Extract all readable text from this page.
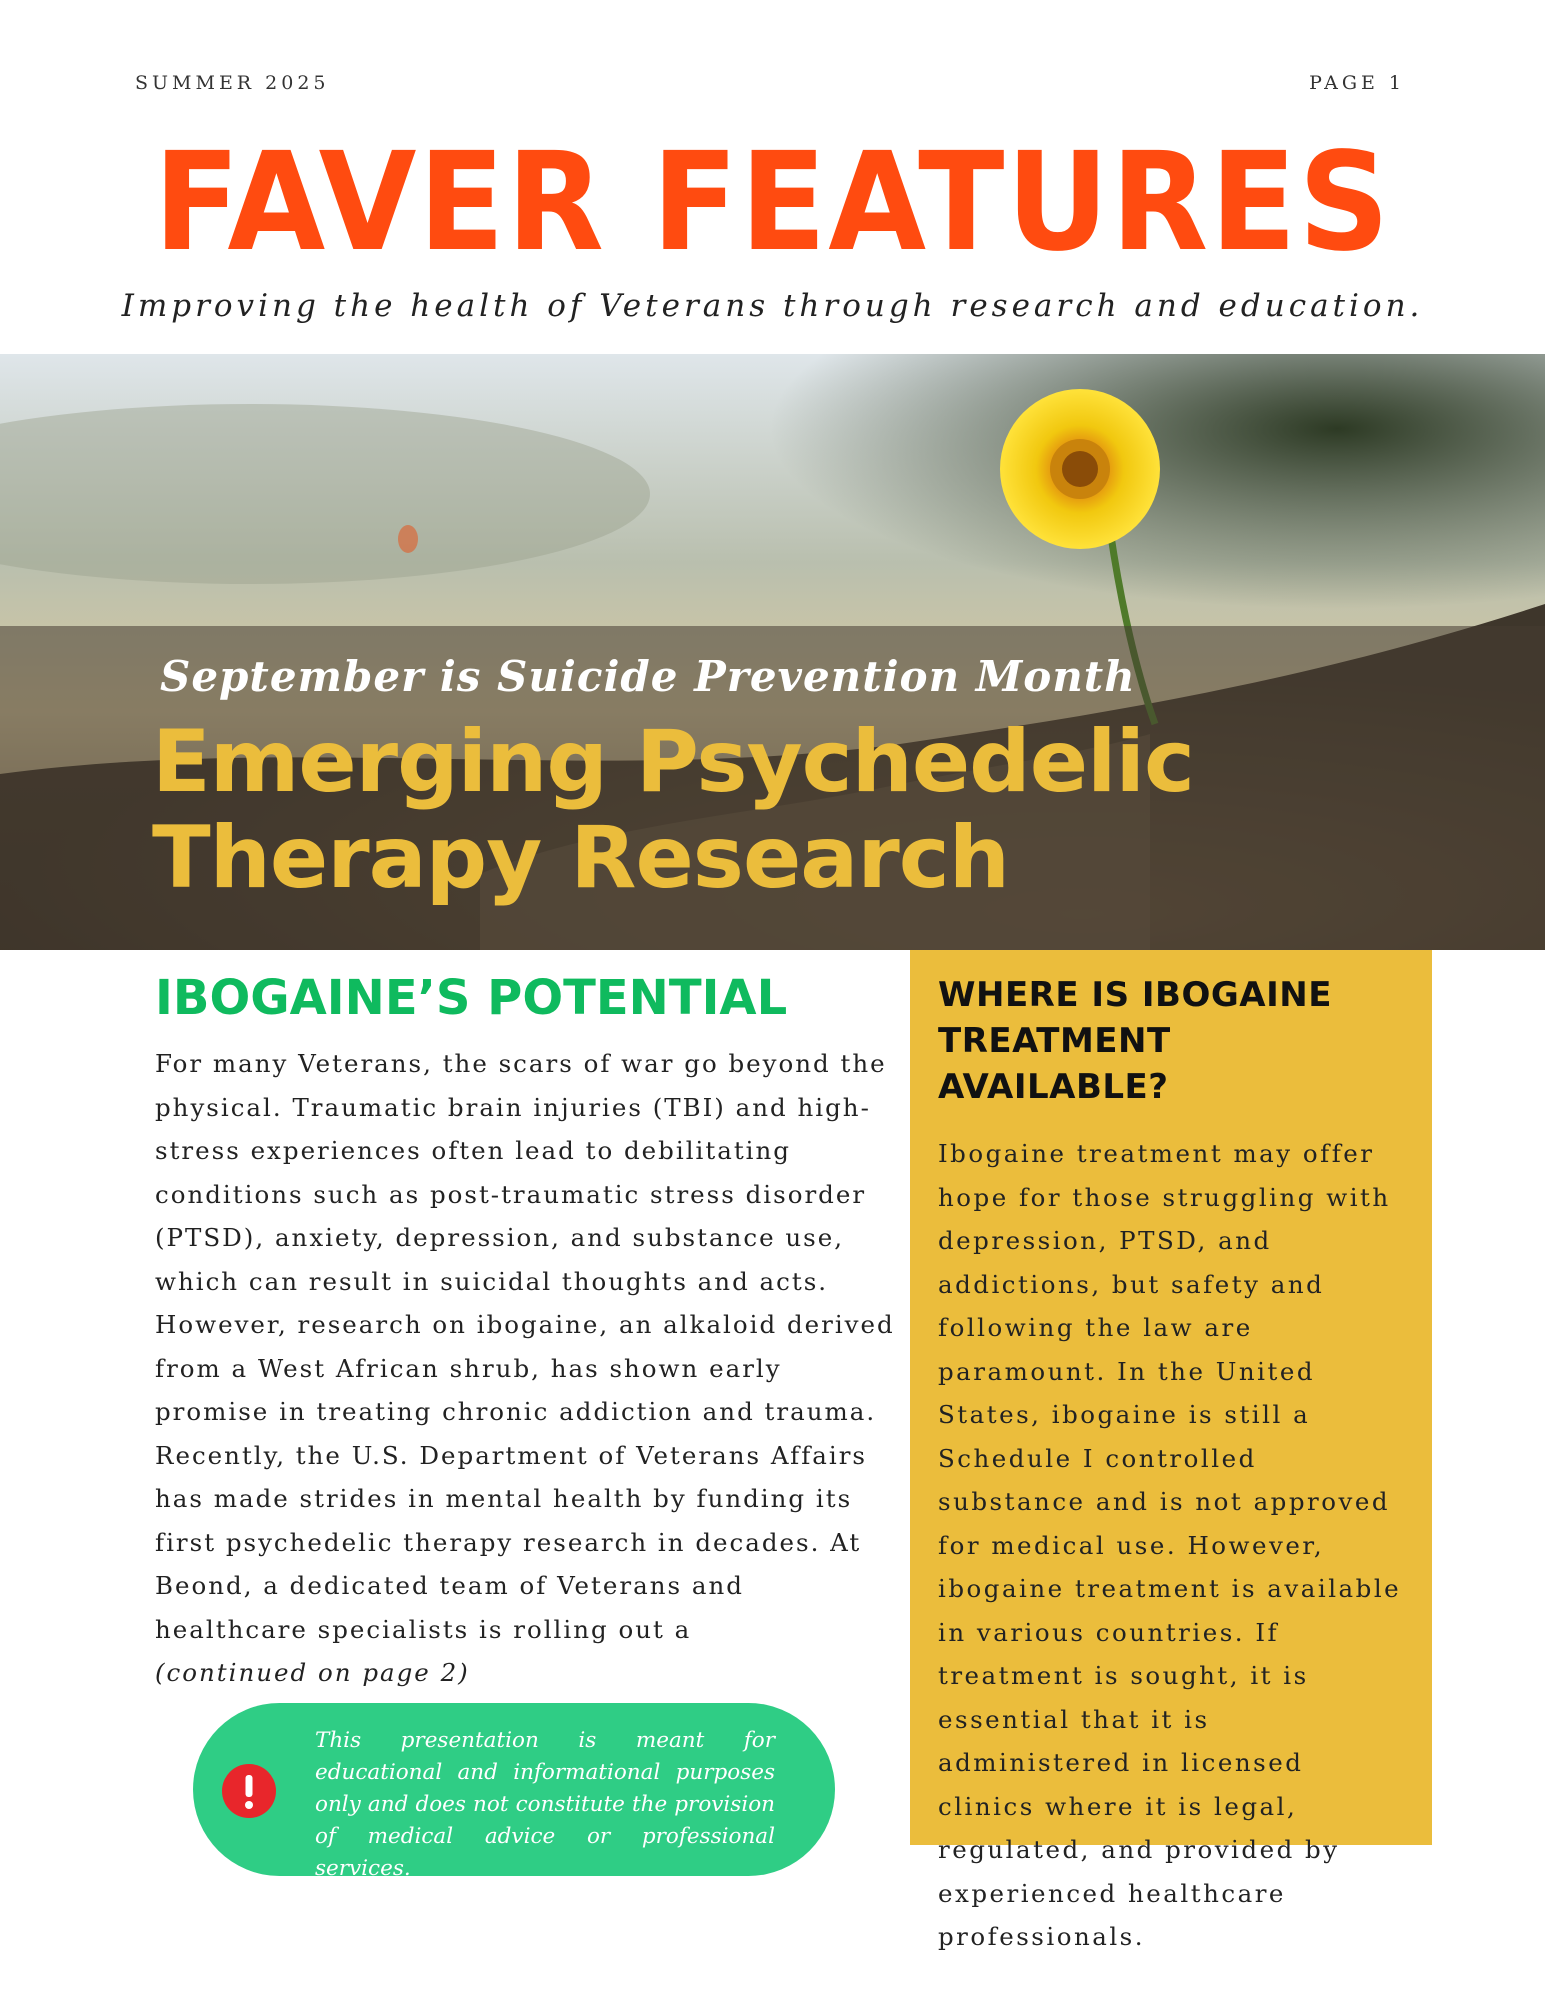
SUMMER 2025	PAGE 1
FAVER FEATURES
Improving the health of Veterans through research and education.
September is Suicide Prevention Month
Emerging Psychedelic
Therapy Research
IBOGAINE’S POTENTIAL
For many Veterans, the scars of war go beyond the physical. Traumatic brain injuries (TBI) and high-stress experiences often lead to debilitating conditions such as post-traumatic stress disorder (PTSD), anxiety, depression, and substance use, which can result in suicidal thoughts and acts. However, research on ibogaine, an alkaloid derived from a West African shrub, has shown early promise in treating chronic addiction and trauma. Recently, the U.S. Department of Veterans Affairs has made strides in mental health by funding its first psychedelic therapy research in decades. At Beond, a dedicated team of Veterans and healthcare specialists is rolling out a
(continued on page 2)
This presentation is meant for educational and informational purposes only and does not constitute the provision of medical advice or professional services.
WHERE IS IBOGAINE TREATMENT AVAILABLE?
Ibogaine treatment may offer hope for those struggling with depression, PTSD, and addictions, but safety and following the law are paramount. In the United States, ibogaine is still a Schedule I controlled substance and is not approved for medical use. However, ibogaine treatment is available in various countries. If treatment is sought, it is essential that it is administered in licensed clinics where it is legal, regulated, and provided by experienced healthcare professionals.
